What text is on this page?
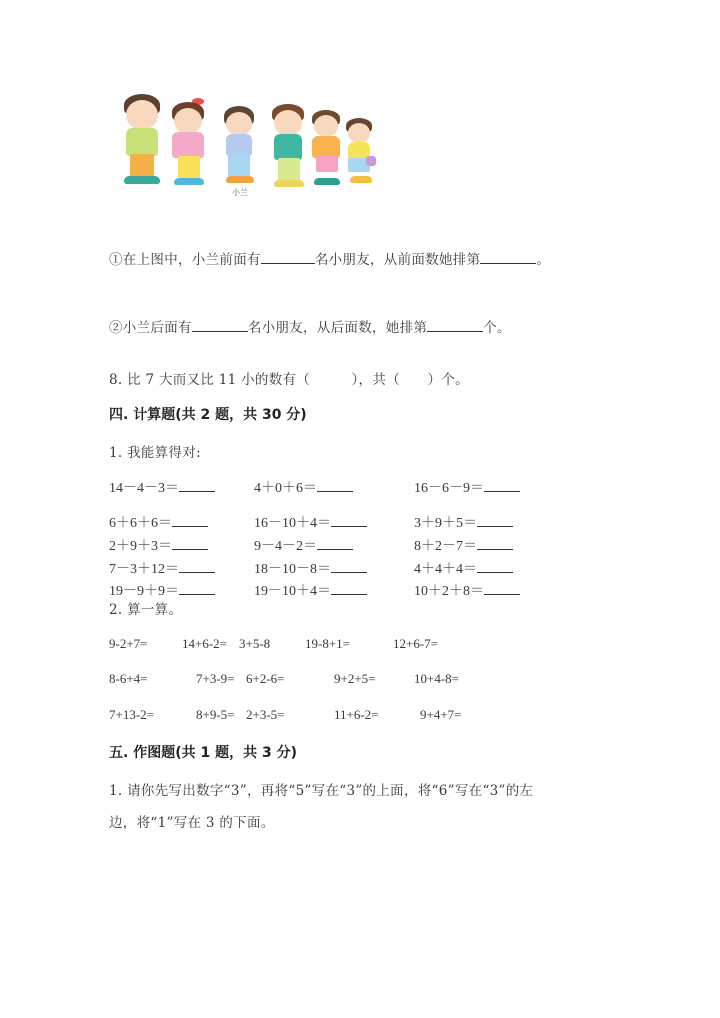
小兰
①在上图中，小兰前面有	名小朋友，从前面数她排第	。
②小兰后面有	名小朋友，从后面数，她排第	个。
8. 比 7 大而又比 11 小的数有（　　　），共（　　）个。
四. 计算题(共 2 题，共 30 分)
1. 我能算得对:
14－4－3＝	4＋0＋6＝	16－6－9＝
6＋6＋6＝	16－10＋4＝	3＋9＋5＝
2＋9＋3＝	9－4－2＝	8＋2－7＝
7－3＋12＝	18－10－8＝	4＋4＋4＝
19－9＋9＝	19－10＋4＝	10＋2＋8＝
2. 算一算。
9-2+7=	14+6-2= 3+5-8	19-8+1=	12+6-7=
8-6+4=	7+3-9= 6+2-6=	9+2+5=	10+4-8=
7+13-2=	8+9-5= 2+3-5=	11+6-2=	9+4+7=
五. 作图题(共 1 题，共 3 分)
1. 请你先写出数字“3”，再将“5”写在“3”的上面，将“6”写在“3”的左
边，将“1”写在 3 的下面。
